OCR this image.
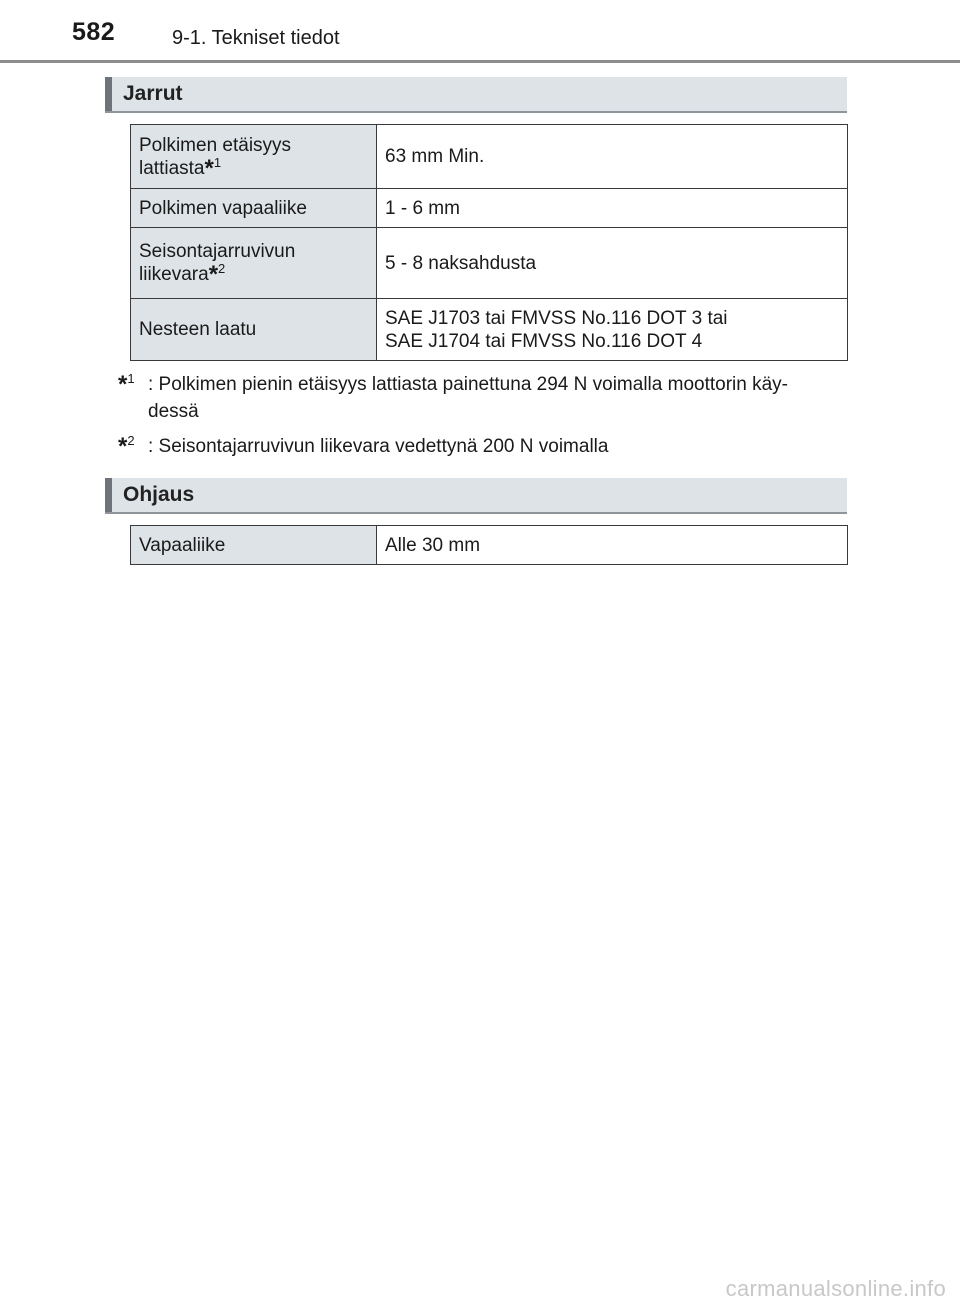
582	9-1. Tekniset tiedot
Jarrut
Polkimen etäisyys
lattiasta*$^1$	63 mm Min.
Polkimen vapaaliike	1 - 6 mm
Seisontajarruvivun
liikevara*$^2$	5 - 8 naksahdusta
Nesteen laatu	SAE J1703 tai FMVSS No.116 DOT 3 tai
SAE J1704 tai FMVSS No.116 DOT 4
*$^1$ : Polkimen pienin etäisyys lattiasta painettuna 294 N voimalla moottorin käy-
dessä
*$^2$ : Seisontajarruvivun liikevara vedettynä 200 N voimalla
Ohjaus
Vapaaliike	Alle 30 mm
carmanualsonline.info
